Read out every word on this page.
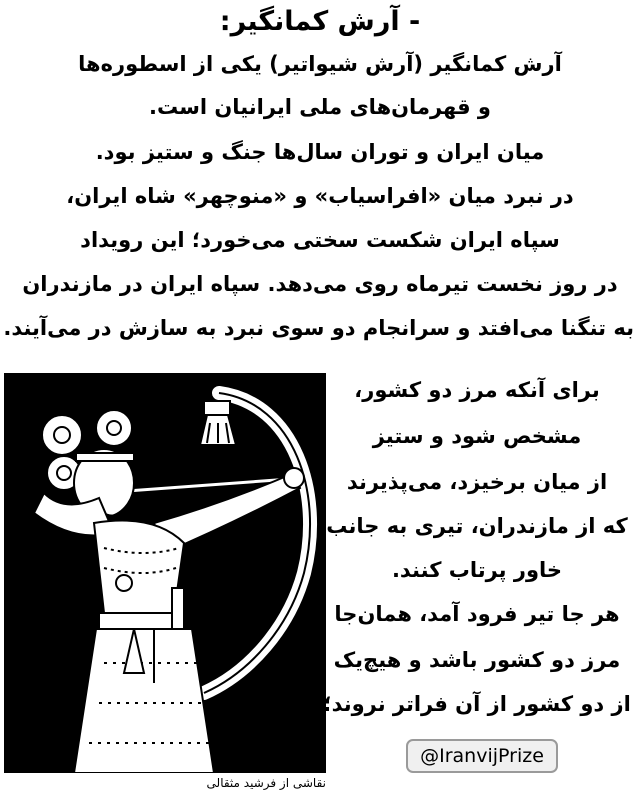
- آرش کمانگیر:
آرش کمانگیر (آرش شیواتیر) یکی از اسطوره‌ها
و قهرمان‌های ملی ایرانیان است.
میان ایران و توران سال‌ها جنگ و ستیز بود.
در نبرد میان «افراسیاب» و «منوچهر» شاه ایران،
سپاه ایران شکست سختی می‌خورد؛ این رویداد
در روز نخست تیرماه روی می‌دهد. سپاه ایران در مازندران
به تنگنا می‌افتد و سرانجام دو سوی نبرد به سازش در می‌آیند.
برای آنکه مرز دو کشور،
مشخص شود و ستیز
از میان برخیزد، می‌پذیرند
که از مازندران، تیری به جانب
خاور پرتاب کنند.
هر جا تیر فرود آمد، همان‌جا
مرز دو کشور باشد و هیچ‌یک
از دو کشور از آن فراتر نروند؛
نقاشی از فرشید مثقالی
@IranvijPrize
